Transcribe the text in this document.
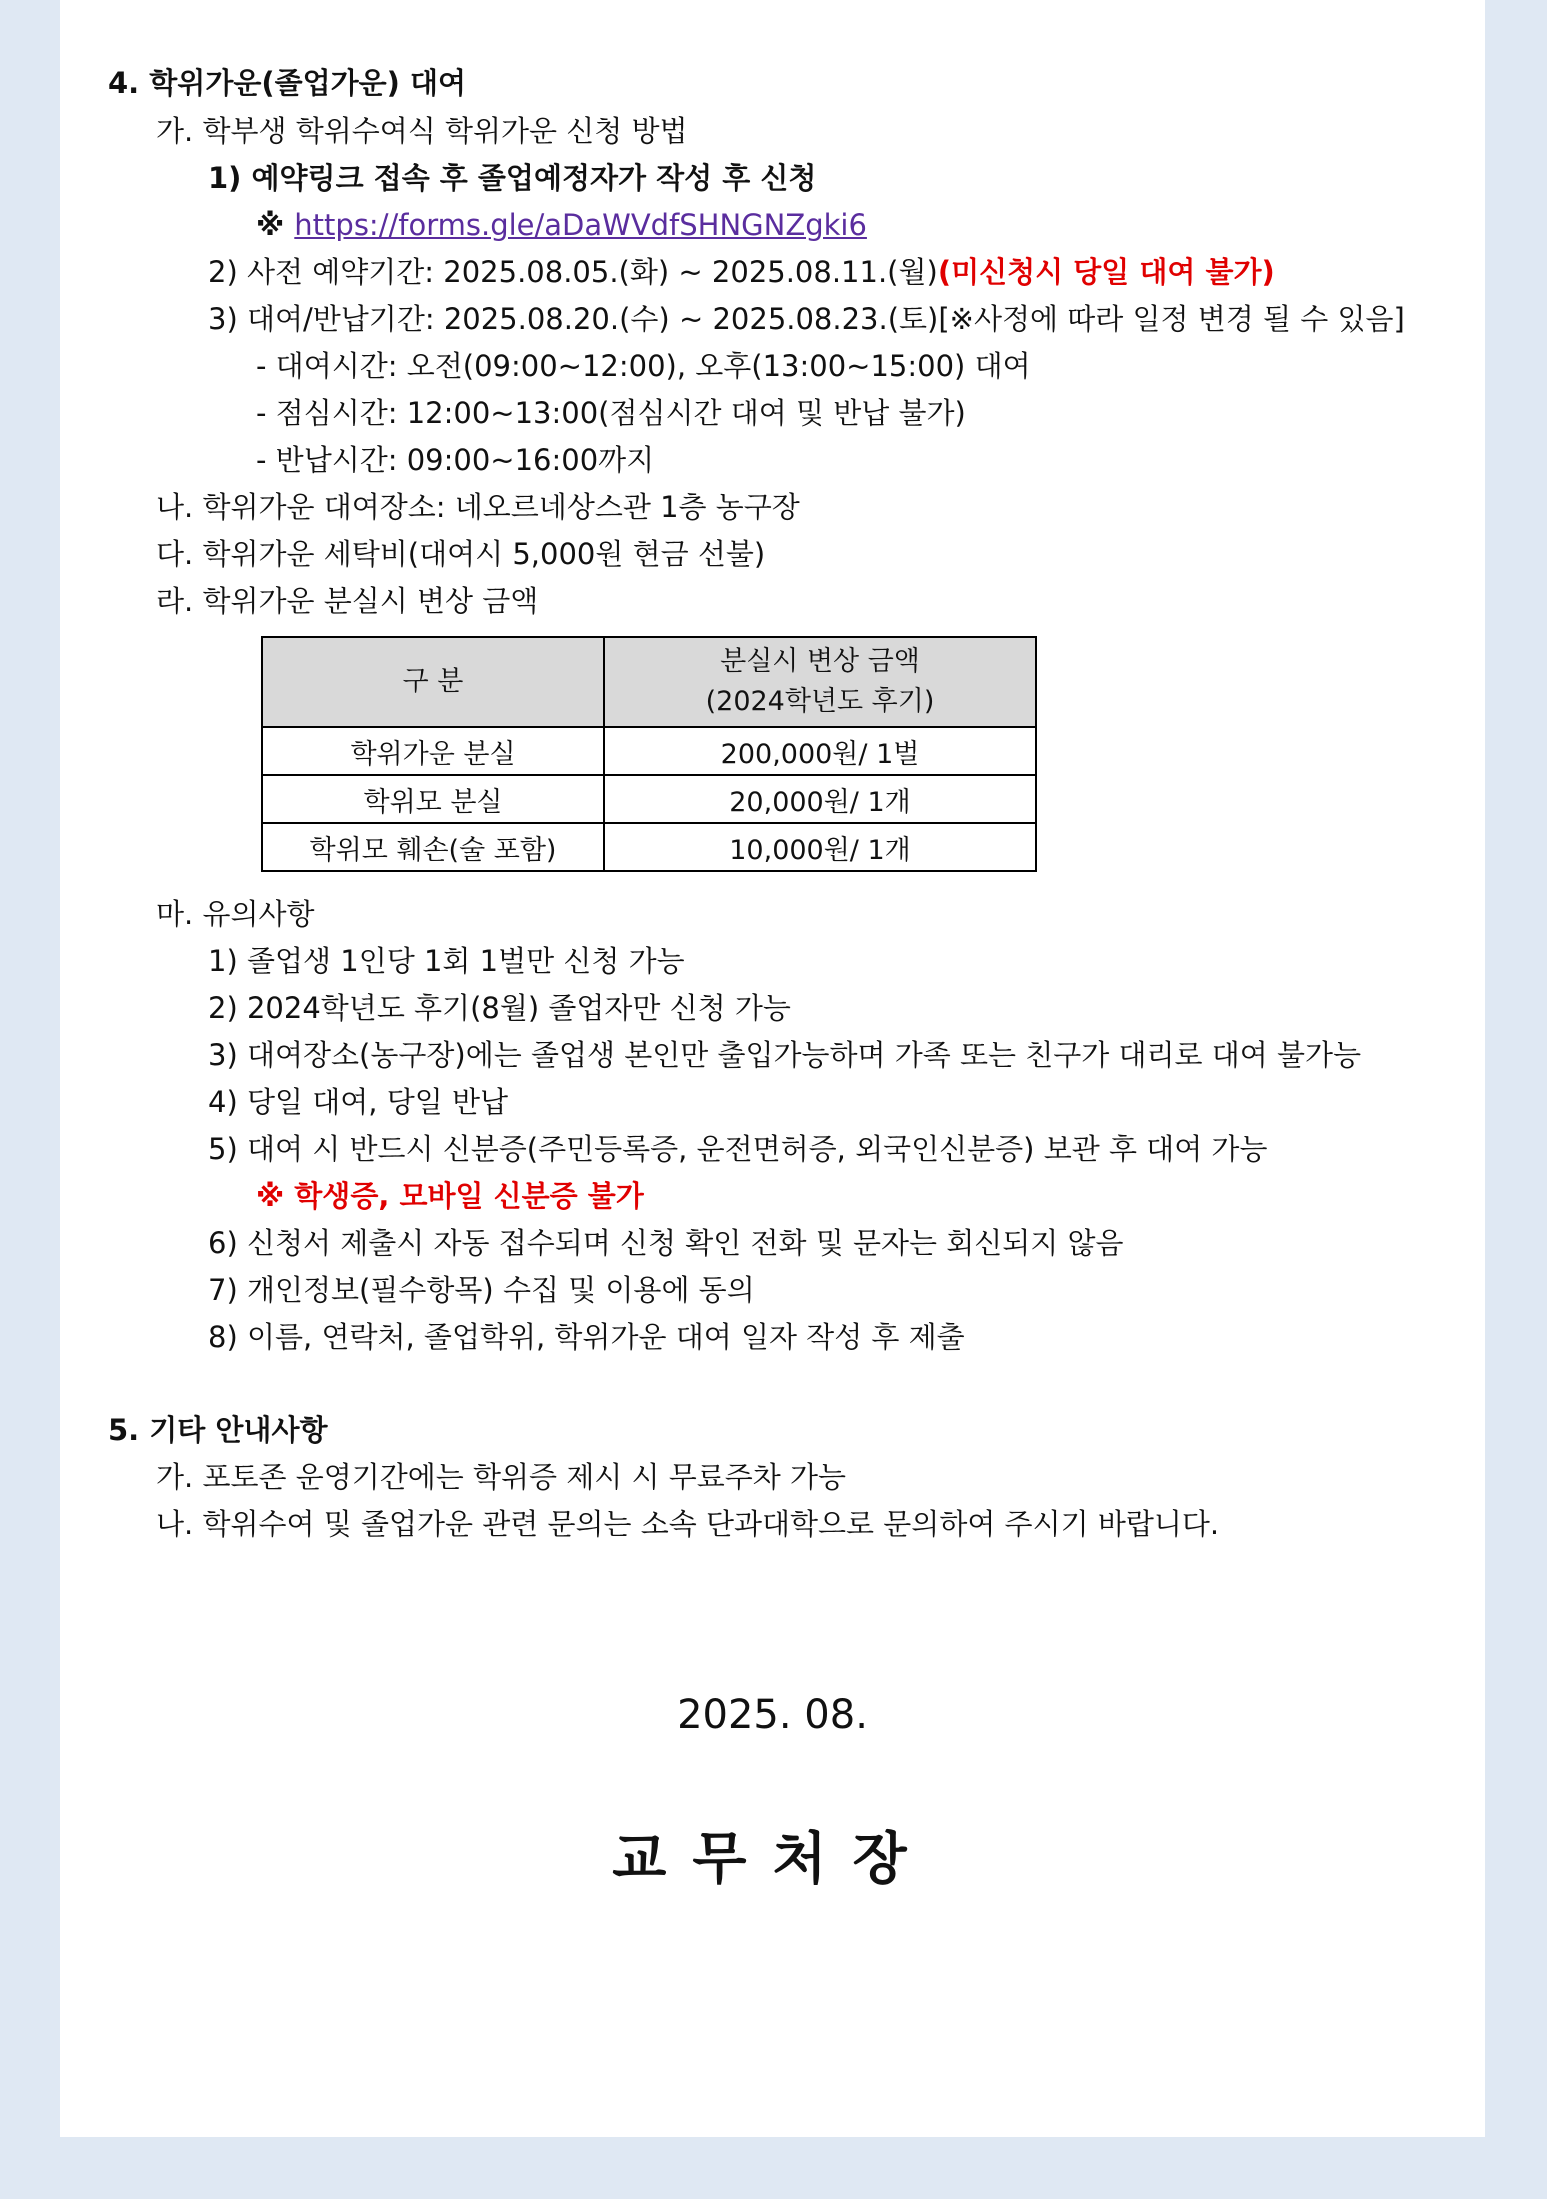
4. 학위가운(졸업가운) 대여
가. 학부생 학위수여식 학위가운 신청 방법
1) 예약링크 접속 후 졸업예정자가 작성 후 신청
※ https://forms.gle/aDaWVdfSHNGNZgki6
2) 사전 예약기간: 2025.08.05.(화) ~ 2025.08.11.(월)(미신청시 당일 대여 불가)
3) 대여/반납기간: 2025.08.20.(수) ~ 2025.08.23.(토)[※사정에 따라 일정 변경 될 수 있음]
- 대여시간: 오전(09:00~12:00), 오후(13:00~15:00) 대여
- 점심시간: 12:00~13:00(점심시간 대여 및 반납 불가)
- 반납시간: 09:00~16:00까지
나. 학위가운 대여장소: 네오르네상스관 1층 농구장
다. 학위가운 세탁비(대여시 5,000원 현금 선불)
라. 학위가운 분실시 변상 금액
구 분	분실시 변상 금액
(2024학년도 후기)

학위가운 분실	200,000원/ 1벌
학위모 분실	20,000원/ 1개
학위모 훼손(술 포함)	10,000원/ 1개
마. 유의사항
1) 졸업생 1인당 1회 1벌만 신청 가능
2) 2024학년도 후기(8월) 졸업자만 신청 가능
3) 대여장소(농구장)에는 졸업생 본인만 출입가능하며 가족 또는 친구가 대리로 대여 불가능
4) 당일 대여, 당일 반납
5) 대여 시 반드시 신분증(주민등록증, 운전면허증, 외국인신분증) 보관 후 대여 가능
※ 학생증, 모바일 신분증 불가
6) 신청서 제출시 자동 접수되며 신청 확인 전화 및 문자는 회신되지 않음
7) 개인정보(필수항목) 수집 및 이용에 동의
8) 이름, 연락처, 졸업학위, 학위가운 대여 일자 작성 후 제출
5. 기타 안내사항
가. 포토존 운영기간에는 학위증 제시 시 무료주차 가능
나. 학위수여 및 졸업가운 관련 문의는 소속 단과대학으로 문의하여 주시기 바랍니다.
2025. 08.
교무처장
